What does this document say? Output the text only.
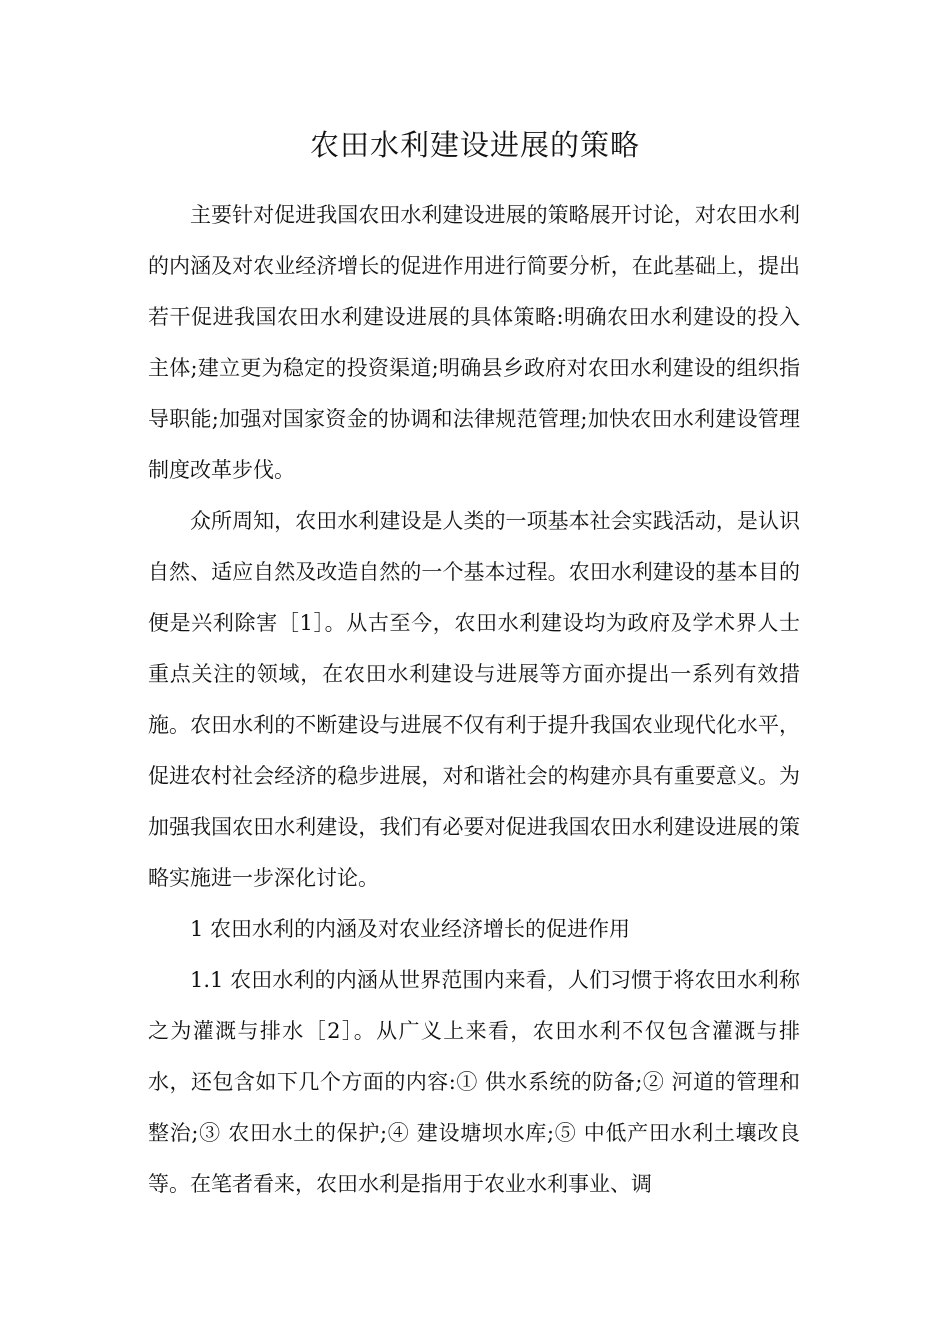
农田水利建设进展的策略

主要针对促进我国农田水利建设进展的策略展开讨论，对农田水利的内涵及对农业经济增长的促进作用进行简要分析，在此基础上，提出若干促进我国农田水利建设进展的具体策略:明确农田水利建设的投入主体;建立更为稳定的投资渠道;明确县乡政府对农田水利建设的组织指导职能;加强对国家资金的协调和法律规范管理;加快农田水利建设管理制度改革步伐。

众所周知，农田水利建设是人类的一项基本社会实践活动，是认识自然、适应自然及改造自然的一个基本过程。农田水利建设的基本目的便是兴利除害［1］。从古至今，农田水利建设均为政府及学术界人士重点关注的领域，在农田水利建设与进展等方面亦提出一系列有效措施。农田水利的不断建设与进展不仅有利于提升我国农业现代化水平，促进农村社会经济的稳步进展，对和谐社会的构建亦具有重要意义。为加强我国农田水利建设，我们有必要对促进我国农田水利建设进展的策略实施进一步深化讨论。

1 农田水利的内涵及对农业经济增长的促进作用

1.1 农田水利的内涵从世界范围内来看，人们习惯于将农田水利称之为灌溉与排水［2］。从广义上来看，农田水利不仅包含灌溉与排水，还包含如下几个方面的内容:① 供水系统的防备;② 河道的管理和整治;③ 农田水土的保护;④ 建设塘坝水库;⑤ 中低产田水利土壤改良等。在笔者看来，农田水利是指用于农业水利事业、调
